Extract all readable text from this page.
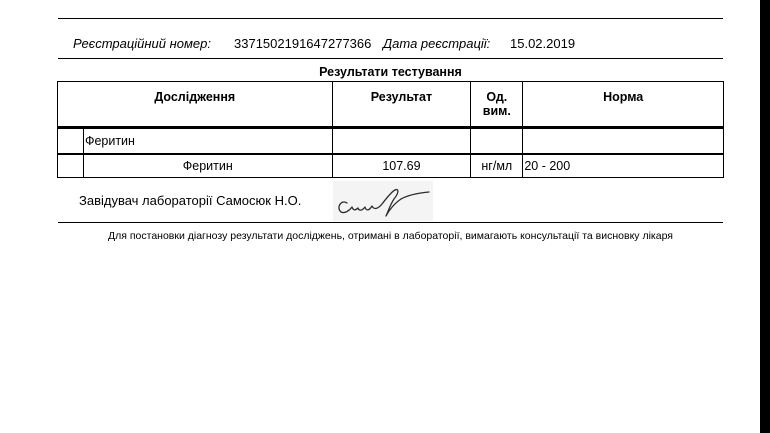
Реєстраційний номер: 3371502191647277366 Дата реєстрації: 15.02.2019
Результати тестування
Дослідження		Результат	Од. вим.	Норма
	Феритин			
	Феритин	107.69	нг/мл	20 - 200
Завідувач лабораторії Самосюк Н.О.
Для постановки діагнозу результати досліджень, отримані в лабораторії, вимагають консультації та висновку лікаря
